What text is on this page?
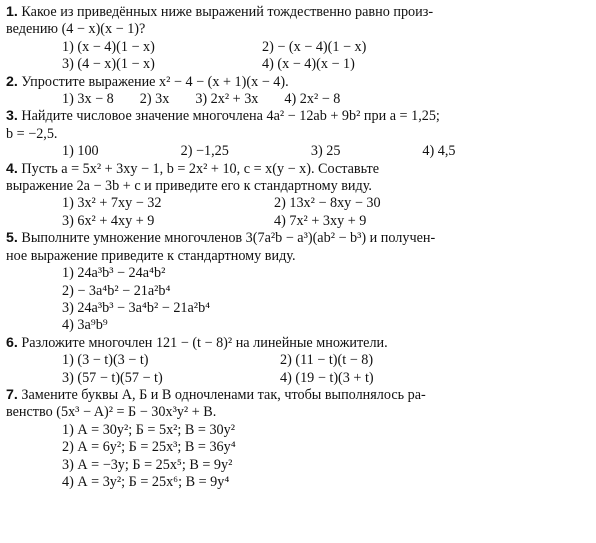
1. Какое из приведённых ниже выражений тождественно равно произ-
ведению (4 − x)(x − 1)?
1) (x − 4)(1 − x)	2) − (x − 4)(1 − x)
3) (4 − x)(1 − x)	4) (x − 4)(x − 1)
2. Упростите выражение x² − 4 − (x + 1)(x − 4).
1) 3x − 8 2) 3x 3) 2x² + 3x 4) 2x² − 8
3. Найдите числовое значение многочлена 4a² − 12ab + 9b² при a = 1,25;
b = −2,5.
1) 100	2) −1,25	3) 25	4) 4,5
4. Пусть a = 5x² + 3xy − 1, b = 2x² + 10, c = x(y − x). Составьте
выражение 2a − 3b + c и приведите его к стандартному виду.
1) 3x² + 7xy − 32	2) 13x² − 8xy − 30
3) 6x² + 4xy + 9	4) 7x² + 3xy + 9
5. Выполните умножение многочленов 3(7a²b − a³)(ab² − b³) и получен-
ное выражение приведите к стандартному виду.
1) 24a³b³ − 24a⁴b²
2) − 3a⁴b² − 21a²b⁴
3) 24a³b³ − 3a⁴b² − 21a²b⁴
4) 3a⁹b⁹
6. Разложите многочлен 121 − (t − 8)² на линейные множители.
1) (3 − t)(3 − t)	2) (11 − t)(t − 8)
3) (57 − t)(57 − t)	4) (19 − t)(3 + t)
7. Замените буквы А, Б и В одночленами так, чтобы выполнялось ра-
венство (5x³ − A)² = Б − 30x³y² + В.
1) А = 30y²; Б = 5x²; В = 30y²
2) А = 6y²; Б = 25x³; В = 36y⁴
3) А = −3y; Б = 25x⁵; В = 9y²
4) А = 3y²; Б = 25x⁶; В = 9y⁴
